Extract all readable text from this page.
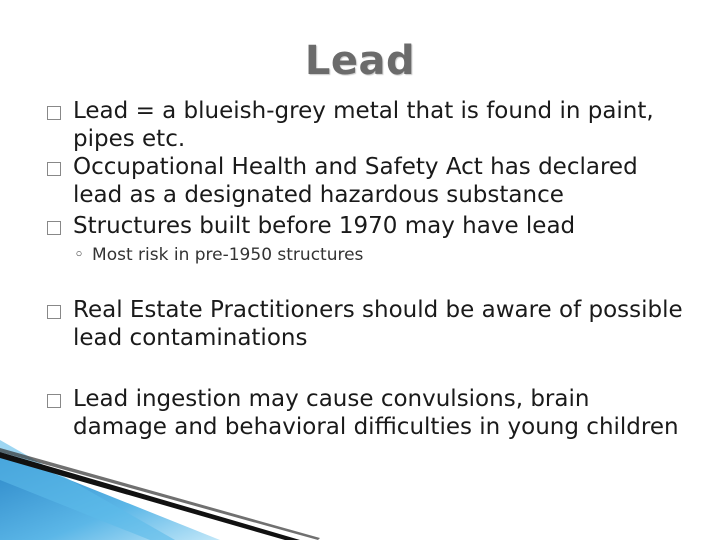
Lead
Lead = a blueish-grey metal that is found in paint, pipes etc.
Occupational Health and Safety Act has declared lead as a designated hazardous substance
Structures built before 1970 may have lead
◦ Most risk in pre-1950 structures
Real Estate Practitioners should be aware of possible lead contaminations
Lead ingestion may cause convulsions, brain damage and behavioral difficulties in young children
